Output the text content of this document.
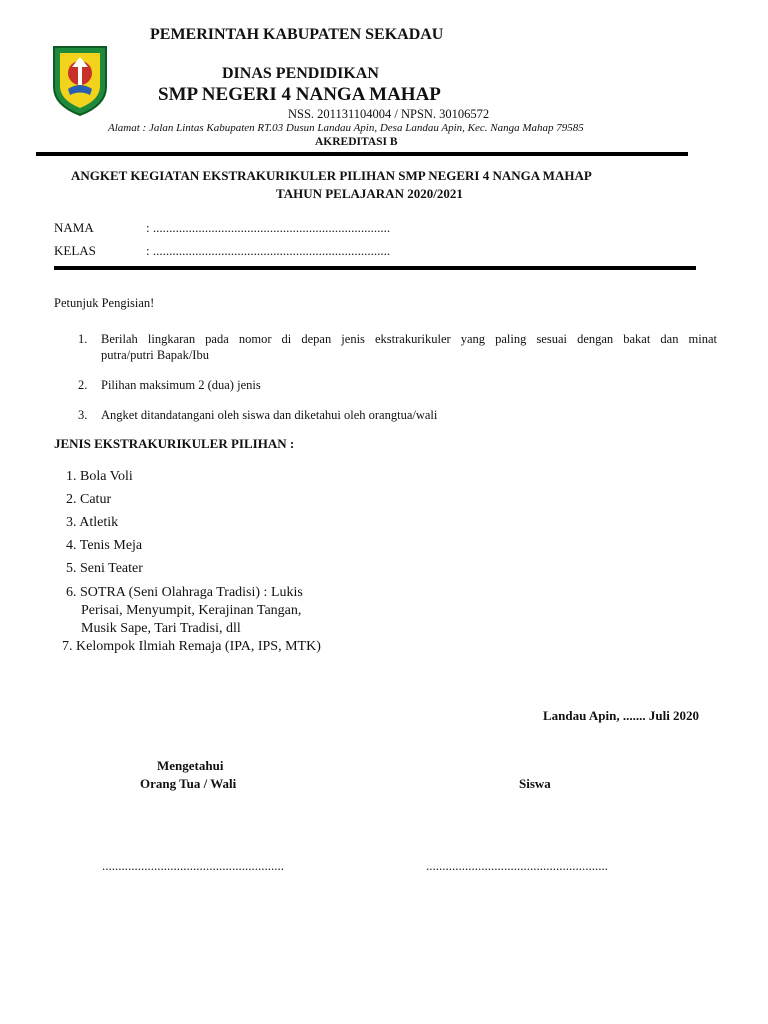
PEMERINTAH KABUPATEN SEKADAU
DINAS PENDIDIKAN
SMP NEGERI 4 NANGA MAHAP
NSS. 201131104004 / NPSN. 30106572
Alamat : Jalan Lintas Kabupaten RT.03 Dusun Landau Apin, Desa Landau Apin, Kec. Nanga Mahap 79585
AKREDITASI B
ANGKET KEGIATAN EKSTRAKURIKULER PILIHAN SMP NEGERI 4 NANGA MAHAP
TAHUN PELAJARAN 2020/2021
NAMA	: .........................................................................
KELAS	: .........................................................................
Petunjuk Pengisian!
1. Berilah lingkaran pada nomor di depan jenis ekstrakurikuler yang paling sesuai dengan bakat dan minat
putra/putri Bapak/Ibu
2. Pilihan maksimum 2 (dua) jenis
3. Angket ditandatangani oleh siswa dan diketahui oleh orangtua/wali
JENIS EKSTRAKURIKULER PILIHAN :
1. Bola Voli
2. Catur
3. Atletik
4. Tenis Meja
5. Seni Teater
6. SOTRA (Seni Olahraga Tradisi) : Lukis
Perisai, Menyumpit, Kerajinan Tangan,
Musik Sape, Tari Tradisi, dll
7. Kelompok Ilmiah Remaja (IPA, IPS, MTK)
Landau Apin, ....... Juli 2020
Mengetahui
Orang Tua / Wali	Siswa
........................................................	........................................................
